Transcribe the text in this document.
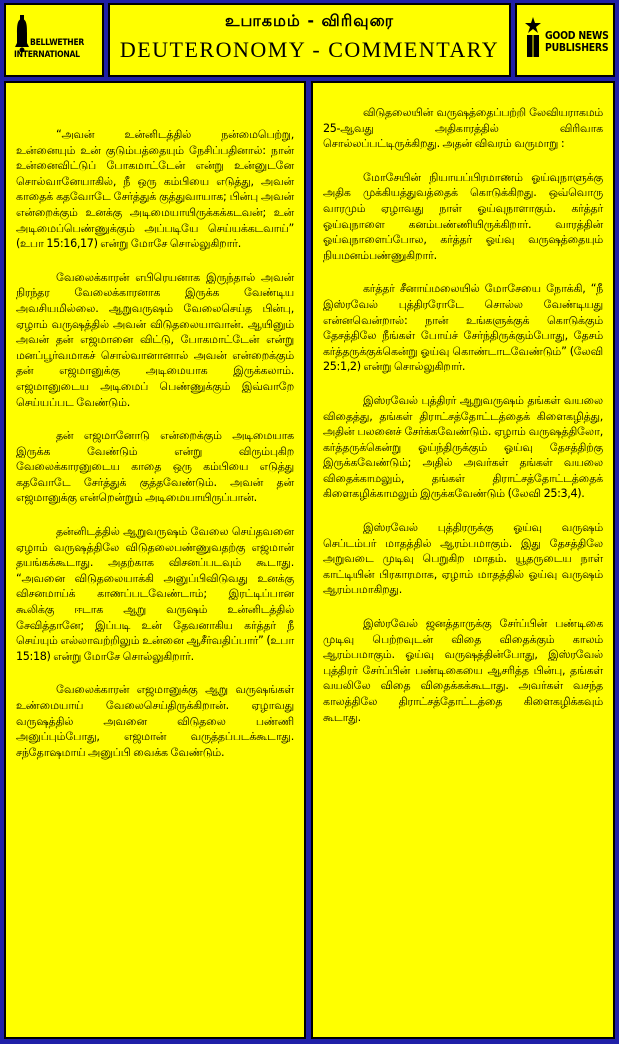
BELLWETHER
INTERNATIONAL
உபாகமம் - விரிவுரை
DEUTERONOMY - COMMENTARY
GOOD NEWS
PUBLISHERS

“அவன் உன்னிடத்தில் நன்மைபெற்று, உன்னையும் உன் குடும்பத்தையும் நேசிப்பதினால்: நான் உன்னைவிட்டுப் போகமாட்டேன் என்று உன்னுடனே சொல்வானேயாகில், நீ ஒரு கம்பியை எடுத்து, அவன் காதைக் கதவோடே சேர்த்துக் குத்துவாயாக; பின்பு அவன் என்றைக்கும் உனக்கு அடிமையாயிருக்கக்கடவன்; உன் அடிமைப்பெண்ணுக்கும் அப்படியே செய்யக்கடவாய்” (உபா 15:16,17) என்று மோசே சொல்லுகிறார்.

வேலைக்காரன் எபிரெயனாக இருந்தால் அவன் நிரந்தர வேலைக்காரனாக இருக்க வேண்டிய அவசியமில்லை. ஆறுவருஷம் வேலைசெய்த பின்பு, ஏழாம் வருஷத்தில் அவன் விடுதலையாவான். ஆயினும் அவன் தன் எஜமானை விட்டு, போகமாட்டேன் என்று மனப்பூர்வமாகச் சொல்வானானால் அவன் என்றைக்கும் தன் எஜமானுக்கு அடிமையாக இருக்கலாம். எஜமானுடைய அடிமைப் பெண்ணுக்கும் இவ்வாறே செய்யப்பட வேண்டும்.

தன் எஜமானோடு என்றைக்கும் அடிமையாக இருக்க வேண்டும் என்று விரும்புகிற வேலைக்காரனுடைய காதை ஒரு கம்பியை எடுத்து கதவோடே சேர்த்துக் குத்தவேண்டும். அவன் தன் எஜமானுக்கு என்றென்றும் அடிமையாயிருப்பான்.

தன்னிடத்தில் ஆறுவருஷம் வேலை செய்தவனை ஏழாம் வருஷத்திலே விடுதலைபண்ணுவதற்கு எஜமான் தயங்கக்கூடாது. அதற்காக விசனப்படவும் கூடாது. “அவனை விடுதலையாக்கி அனுப்பிவிடுவது உனக்கு விசனமாய்க் காணப்படவேண்டாம்; இரட்டிப்பான கூலிக்கு ஈடாக ஆறு வருஷம் உன்னிடத்தில் சேவித்தானே; இப்படி உன் தேவனாகிய கர்த்தர் நீ செய்யும் எல்லாவற்றிலும் உன்னை ஆசீர்வதிப்பார்” (உபா 15:18) என்று மோசே சொல்லுகிறார்.

வேலைக்காரன் எஜமானுக்கு ஆறு வருஷங்கள் உண்மையாய் வேலைசெய்திருக்கிறான். ஏழாவது வருஷத்தில் அவனை விடுதலை பண்ணி அனுப்பும்போது, எஜமான் வருத்தப்படக்கூடாது. சந்தோஷமாய் அனுப்பி வைக்க வேண்டும்.

விடுதலையின் வருஷத்தைப்பற்றி லேவியராகமம் 25-ஆவது அதிகாரத்தில் விரிவாக சொல்லப்பட்டிருக்கிறது. அதன் விவரம் வருமாறு :

மோசேயின் நியாயப்பிரமாணம் ஓய்வுநாளுக்கு அதிக முக்கியத்துவத்தைக் கொடுக்கிறது. ஒவ்வொரு வாரமும் ஏழாவது நாள் ஓய்வுநாளாகும். கர்த்தர் ஓய்வுநாளை கனம்பண்ணியிருக்கிறார். வாரத்தின் ஓய்வுநாளைப்போல, கர்த்தர் ஓய்வு வருஷத்தையும் நியமனம்பண்ணுகிறார்.

கர்த்தர் சீனாய்மலையில் மோசேயை நோக்கி, “நீ இஸ்ரவேல் புத்திரரோடே சொல்ல வேண்டியது என்னவென்றால்: நான் உங்களுக்குக் கொடுக்கும் தேசத்திலே நீங்கள் போய்ச் சேர்ந்திருக்கும்போது, தேசம் கர்த்தருக்குக்கென்று ஓய்வு கொண்டாடவேண்டும்” (லேவி 25:1,2) என்று சொல்லுகிறார்.

இஸ்ரவேல் புத்திரர் ஆறுவருஷம் தங்கள் வயலை விதைத்து, தங்கள் திராட்சத்தோட்டத்தைக் கிளைகழித்து, அதின் பலனைச் சேர்க்கவேண்டும். ஏழாம் வருஷத்திலோ, கர்த்தருக்கென்று ஓய்ந்திருக்கும் ஓய்வு தேசத்திற்கு இருக்கவேண்டும்; அதில் அவர்கள் தங்கள் வயலை விதைக்காமலும், தங்கள் திராட்சத்தோட்டத்தைக் கிளைகழிக்காமலும் இருக்கவேண்டும் (லேவி 25:3,4).

இஸ்ரவேல் புத்திரருக்கு ஓய்வு வருஷம் செப்டம்பர் மாதத்தில் ஆரம்பமாகும். இது தேசத்திலே அறுவடை முடிவு பெறுகிற மாதம். யூதருடைய நாள் காட்டியின் பிரகாரமாக, ஏழாம் மாதத்தில் ஓய்வு வருஷம் ஆரம்பமாகிறது.

இஸ்ரவேல் ஜனத்தாருக்கு சேர்ப்பின் பண்டிகை முடிவு பெற்றவுடன் விதை விதைக்கும் காலம் ஆரம்பமாகும். ஓய்வு வருஷத்தின்போது, இஸ்ரவேல் புத்திரர் சேர்ப்பின் பண்டிகையை ஆசரித்த பின்பு, தங்கள் வயலிலே விதை விதைக்கக்கூடாது. அவர்கள் வசந்த காலத்திலே திராட்சத்தோட்டத்தை கிளைகழிக்கவும் கூடாது.
